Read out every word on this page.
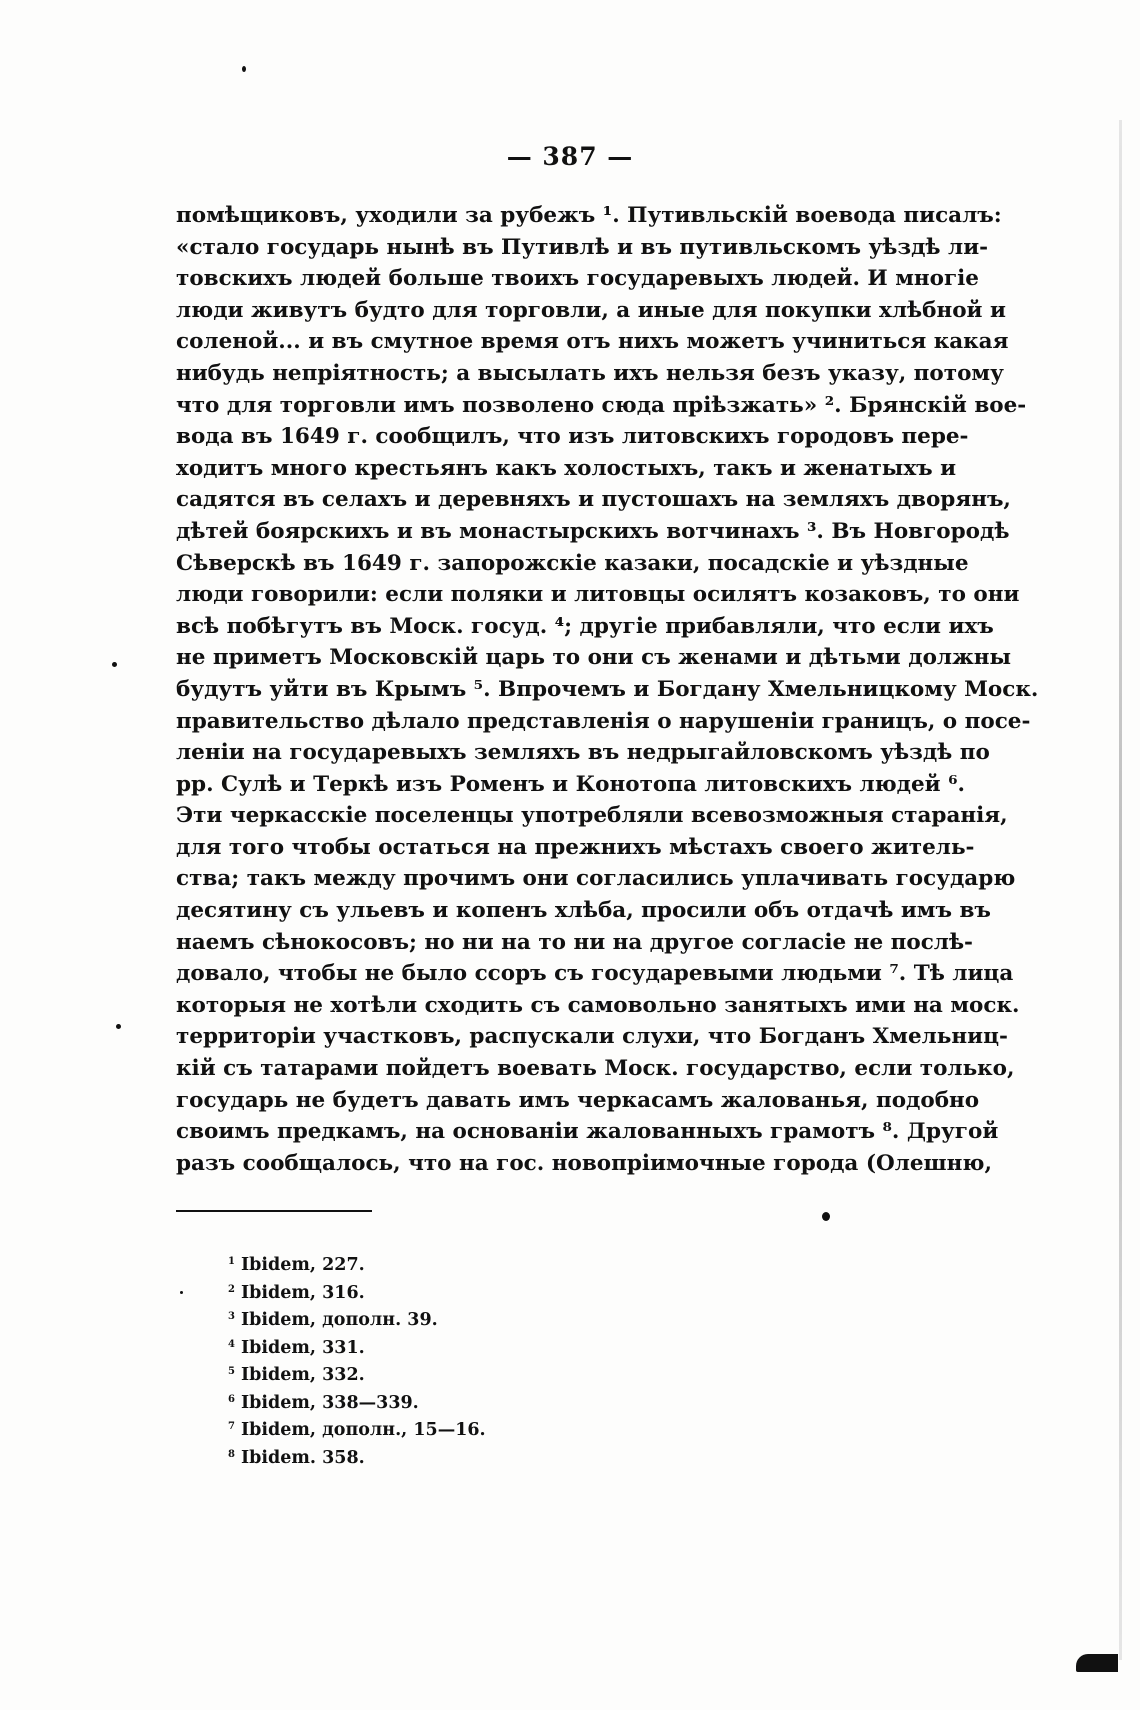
— 387 —
помѣщиковъ, уходили за рубежъ ¹. Путивльскій воевода писалъ:
«стало государь нынѣ въ Путивлѣ и въ путивльскомъ уѣздѣ ли-
товскихъ людей больше твоихъ государевыхъ людей. И многіе
люди живутъ будто для торговли, а иные для покупки хлѣбной и
соленой... и въ смутное время отъ нихъ можетъ учиниться какая
нибудь непріятность; а высылать ихъ нельзя безъ указу, потому
что для торговли имъ позволено сюда пріѣзжать» ². Брянскій вое-
вода въ 1649 г. сообщилъ, что изъ литовскихъ городовъ пере-
ходитъ много крестьянъ какъ холостыхъ, такъ и женатыхъ и
садятся въ селахъ и деревняхъ и пустошахъ на земляхъ дворянъ,
дѣтей боярскихъ и въ монастырскихъ вотчинахъ ³. Въ Новгородѣ
Сѣверскѣ въ 1649 г. запорожскіе казаки, посадскіе и уѣздные
люди говорили: если поляки и литовцы осилятъ козаковъ, то они
всѣ побѣгутъ въ Моск. госуд. ⁴; другіе прибавляли, что если ихъ
не приметъ Московскій царь то они съ женами и дѣтьми должны
будутъ уйти въ Крымъ ⁵. Впрочемъ и Богдану Хмельницкому Моск.
правительство дѣлало представленія о нарушеніи границъ, о посе-
леніи на государевыхъ земляхъ въ недрыгайловскомъ уѣздѣ по
рр. Сулѣ и Теркѣ изъ Роменъ и Конотопа литовскихъ людей ⁶.
Эти черкасскіе поселенцы употребляли всевозможныя старанія,
для того чтобы остаться на прежнихъ мѣстахъ своего житель-
ства; такъ между прочимъ они согласились уплачивать государю
десятину съ ульевъ и копенъ хлѣба, просили объ отдачѣ имъ въ
наемъ сѣнокосовъ; но ни на то ни на другое согласіе не послѣ-
довало, чтобы не было ссоръ съ государевыми людьми ⁷. Тѣ лица
которыя не хотѣли сходить съ самовольно занятыхъ ими на моск.
территоріи участковъ, распускали слухи, что Богданъ Хмельниц-
кій съ татарами пойдетъ воевать Моск. государство, если только,
государь не будетъ давать имъ черкасамъ жалованья, подобно
своимъ предкамъ, на основаніи жалованныхъ грамотъ ⁸. Другой
разъ сообщалось, что на гос. новопріимочные города (Олешню,
$^1$ Ibidem, 227.
$^2$ Ibidem, 316.
$^3$ Ibidem, дополн. 39.
$^4$ Ibidem, 331.
$^5$ Ibidem, 332.
$^6$ Ibidem, 338—339.
$^7$ Ibidem, дополн., 15—16.
$^8$ Ibidem. 358.
